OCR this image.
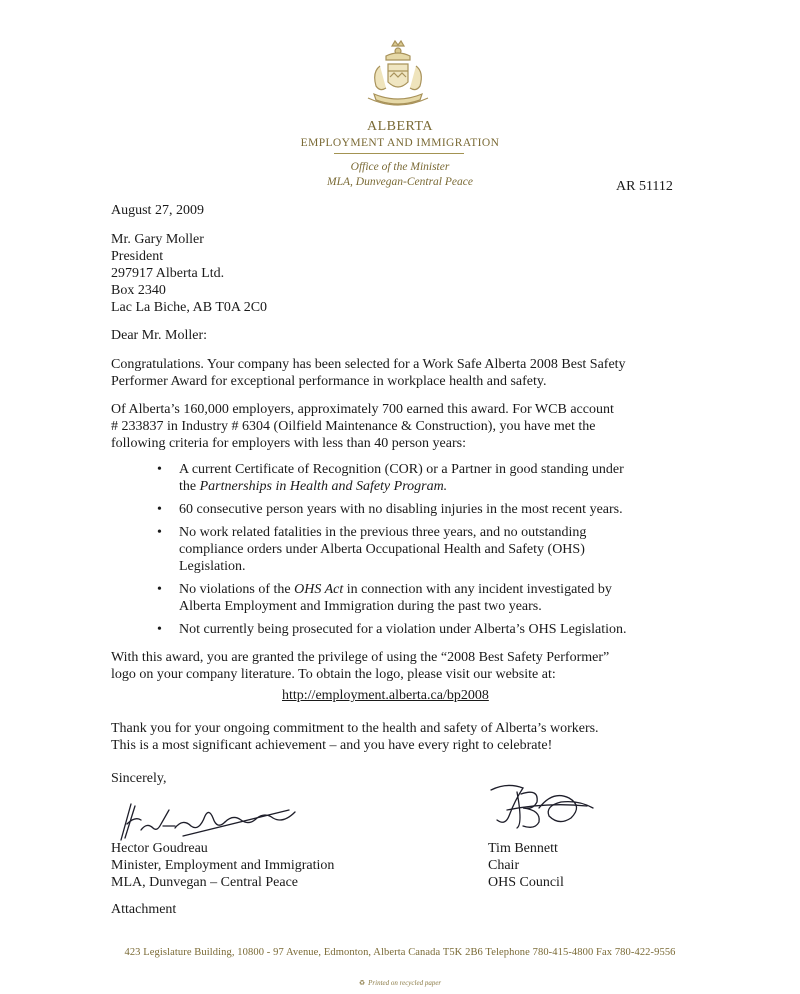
ALBERTA
EMPLOYMENT AND IMMIGRATION
Office of the Minister
MLA, Dunvegan-Central Peace	AR 51112
August 27, 2009
Mr. Gary Moller
President
297917 Alberta Ltd.
Box 2340
Lac La Biche, AB T0A 2C0
Dear Mr. Moller:
Congratulations. Your company has been selected for a Work Safe Alberta 2008 Best Safety
Performer Award for exceptional performance in workplace health and safety.
Of Alberta’s 160,000 employers, approximately 700 earned this award. For WCB account
# 233837 in Industry # 6304 (Oilfield Maintenance & Construction), you have met the
following criteria for employers with less than 40 person years:
• A current Certificate of Recognition (COR) or a Partner in good standing under
the Partnerships in Health and Safety Program.
• 60 consecutive person years with no disabling injuries in the most recent years.
• No work related fatalities in the previous three years, and no outstanding
compliance orders under Alberta Occupational Health and Safety (OHS)
Legislation.
• No violations of the OHS Act in connection with any incident investigated by
Alberta Employment and Immigration during the past two years.
• Not currently being prosecuted for a violation under Alberta’s OHS Legislation.
With this award, you are granted the privilege of using the “2008 Best Safety Performer”
logo on your company literature. To obtain the logo, please visit our website at:
http://employment.alberta.ca/bp2008
Thank you for your ongoing commitment to the health and safety of Alberta’s workers.
This is a most significant achievement – and you have every right to celebrate!
Sincerely,
Hector Goudreau
Minister, Employment and Immigration
MLA, Dunvegan – Central Peace
Tim Bennett
Chair
OHS Council
Attachment
423 Legislature Building, 10800 - 97 Avenue, Edmonton, Alberta Canada T5K 2B6 Telephone 780-415-4800 Fax 780-422-9556
♻ Printed on recycled paper
